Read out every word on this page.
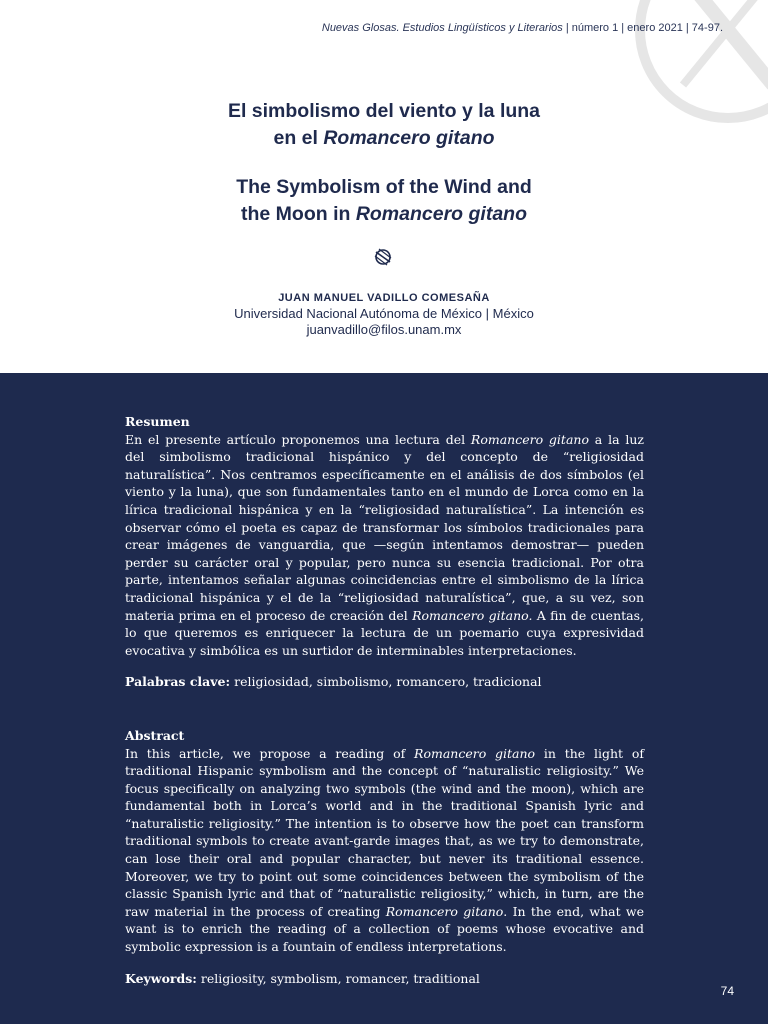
Nuevas Glosas. Estudios Lingüísticos y Literarios | número 1 | enero 2021 | 74-97.

El simbolismo del viento y la luna
en el Romancero gitano

The Symbolism of the Wind and
the Moon in Romancero gitano

JUAN MANUEL VADILLO COMESAÑA
Universidad Nacional Autónoma de México | México
juanvadillo@filos.unam.mx
Resumen

En el presente artículo proponemos una lectura del Romancero gitano a la luz del simbolismo tradicional hispánico y del concepto de “religiosidad naturalística”. Nos centramos específicamente en el análisis de dos símbolos (el viento y la luna), que son fundamentales tanto en el mundo de Lorca como en la lírica tradicional hispánica y en la “religiosidad naturalística”. La intención es observar cómo el poeta es capaz de transformar los símbolos tradicionales para crear imágenes de vanguardia, que —según intentamos demostrar— pueden perder su carácter oral y popular, pero nunca su esencia tradicional. Por otra parte, intentamos señalar algunas coincidencias entre el simbolismo de la lírica tradicional hispánica y el de la “religiosidad naturalística”, que, a su vez, son materia prima en el proceso de creación del Romancero gitano. A fin de cuentas, lo que queremos es enriquecer la lectura de un poemario cuya expresividad evocativa y simbólica es un surtidor de interminables interpretaciones.

Palabras clave: religiosidad, simbolismo, romancero, tradicional
Abstract

In this article, we propose a reading of Romancero gitano in the light of traditional Hispanic symbolism and the concept of “naturalistic religiosity.” We focus specifically on analyzing two symbols (the wind and the moon), which are fundamental both in Lorca’s world and in the traditional Spanish lyric and “naturalistic religiosity.” The intention is to observe how the poet can transform traditional symbols to create avant-garde images that, as we try to demonstrate, can lose their oral and popular character, but never its traditional essence. Moreover, we try to point out some coincidences between the symbolism of the classic Spanish lyric and that of “naturalistic religiosity,” which, in turn, are the raw material in the process of creating Romancero gitano. In the end, what we want is to enrich the reading of a collection of poems whose evocative and symbolic expression is a fountain of endless interpretations.

Keywords: religiosity, symbolism, romancer, traditional
74
